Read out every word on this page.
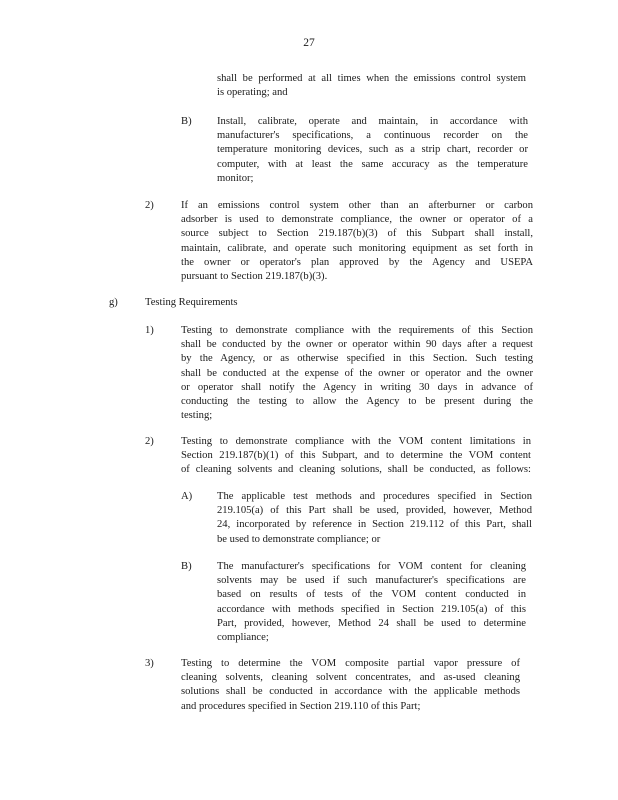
27
shall be performed at all times when the emissions control system
is operating; and
B) Install, calibrate, operate and maintain, in accordance with
manufacturer's specifications, a continuous recorder on the
temperature monitoring devices, such as a strip chart, recorder or
computer, with at least the same accuracy as the temperature
monitor;
2)	If an emissions control system other than an afterburner or carbon
adsorber is used to demonstrate compliance, the owner or operator of a
source subject to Section 219.187(b)(3) of this Subpart shall install,
maintain, calibrate, and operate such monitoring equipment as set forth in
the owner or operator's plan approved by the Agency and USEPA
pursuant to Section 219.187(b)(3).
g)	Testing Requirements
1)	Testing to demonstrate compliance with the requirements of this Section
shall be conducted by the owner or operator within 90 days after a request
by the Agency, or as otherwise specified in this Section. Such testing
shall be conducted at the expense of the owner or operator and the owner
or operator shall notify the Agency in writing 30 days in advance of
conducting the testing to allow the Agency to be present during the
testing;
2)	Testing to demonstrate compliance with the VOM content limitations in
Section 219.187(b)(1) of this Subpart, and to determine the VOM content
of cleaning solvents and cleaning solutions, shall be conducted, as follows:
A) The applicable test methods and procedures specified in Section
219.105(a) of this Part shall be used, provided, however, Method
24, incorporated by reference in Section 219.112 of this Part, shall
be used to demonstrate compliance; or
B) The manufacturer's specifications for VOM content for cleaning
solvents may be used if such manufacturer's specifications are
based on results of tests of the VOM content conducted in
accordance with methods specified in Section 219.105(a) of this
Part, provided, however, Method 24 shall be used to determine
compliance;
3)	Testing to determine the VOM composite partial vapor pressure of
cleaning solvents, cleaning solvent concentrates, and as-used cleaning
solutions shall be conducted in accordance with the applicable methods
and procedures specified in Section 219.110 of this Part;
